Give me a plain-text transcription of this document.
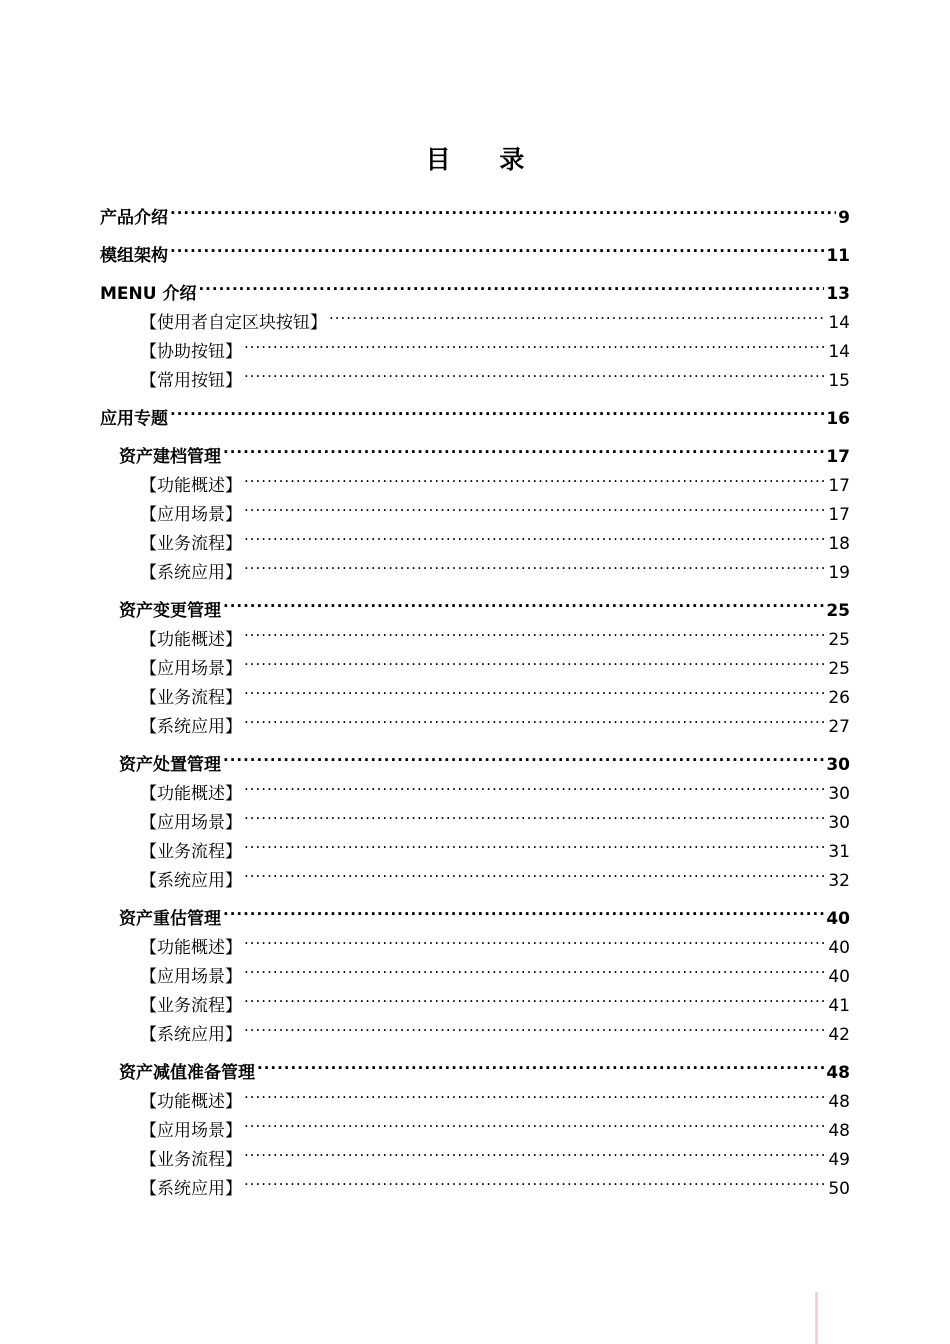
目 录
产品介绍 .....	9
模组架构 .....	11
MENU 介绍 .....	13
【使用者自定区块按钮】 .....	14
【协助按钮】 .....	14
【常用按钮】 .....	15
应用专题 .....	16
资产建档管理 .....	17
【功能概述】 .....	17
【应用场景】 .....	17
【业务流程】 .....	18
【系统应用】 .....	19
资产变更管理 .....	25
【功能概述】 .....	25
【应用场景】 .....	25
【业务流程】 .....	26
【系统应用】 .....	27
资产处置管理 .....	30
【功能概述】 .....	30
【应用场景】 .....	30
【业务流程】 .....	31
【系统应用】 .....	32
资产重估管理 .....	40
【功能概述】 .....	40
【应用场景】 .....	40
【业务流程】 .....	41
【系统应用】 .....	42
资产减值准备管理 .....	48
【功能概述】 .....	48
【应用场景】 .....	48
【业务流程】 .....	49
【系统应用】 .....	50
